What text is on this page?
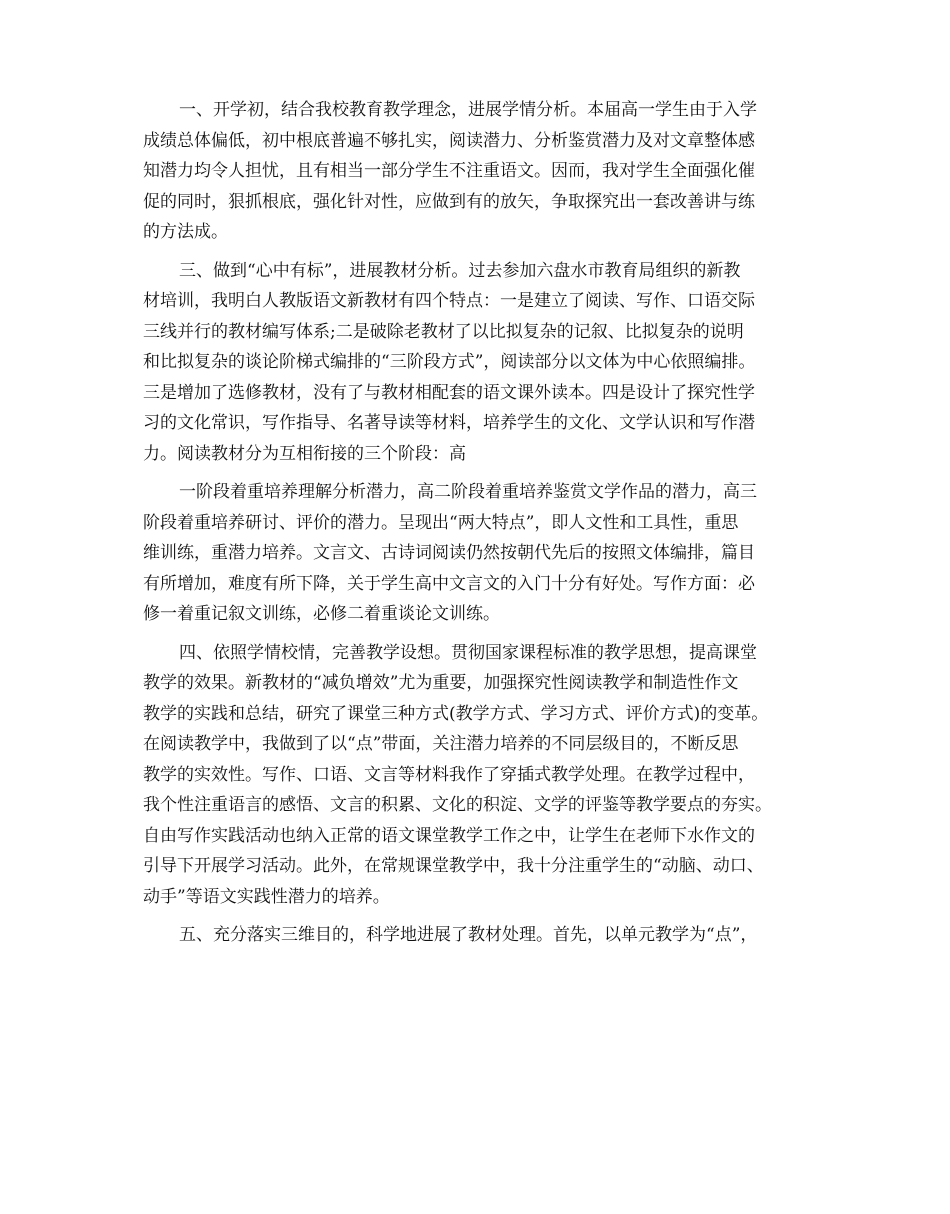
一、开学初，结合我校教育教学理念，进展学情分析。本届高一学生由于入学
成绩总体偏低，初中根底普遍不够扎实，阅读潜力、分析鉴赏潜力及对文章整体感
知潜力均令人担忧，且有相当一部分学生不注重语文。因而，我对学生全面强化催
促的同时，狠抓根底，强化针对性，应做到有的放矢，争取探究出一套改善讲与练
的方法成。
三、做到“心中有标”，进展教材分析。过去参加六盘水市教育局组织的新教
材培训，我明白人教版语文新教材有四个特点：一是建立了阅读、写作、口语交际
三线并行的教材编写体系;二是破除老教材了以比拟复杂的记叙、比拟复杂的说明
和比拟复杂的谈论阶梯式编排的“三阶段方式”，阅读部分以文体为中心依照编排。
三是增加了选修教材，没有了与教材相配套的语文课外读本。四是设计了探究性学
习的文化常识，写作指导、名著导读等材料，培养学生的文化、文学认识和写作潜
力。阅读教材分为互相衔接的三个阶段：高
一阶段着重培养理解分析潜力，高二阶段着重培养鉴赏文学作品的潜力，高三
阶段着重培养研讨、评价的潜力。呈现出“两大特点”，即人文性和工具性，重思
维训练，重潜力培养。文言文、古诗词阅读仍然按朝代先后的按照文体编排，篇目
有所增加，难度有所下降，关于学生高中文言文的入门十分有好处。写作方面：必
修一着重记叙文训练，必修二着重谈论文训练。
四、依照学情校情，完善教学设想。贯彻国家课程标准的教学思想，提高课堂
教学的效果。新教材的“减负增效”尤为重要，加强探究性阅读教学和制造性作文
教学的实践和总结，研究了课堂三种方式(教学方式、学习方式、评价方式)的变革。
在阅读教学中，我做到了以“点”带面，关注潜力培养的不同层级目的，不断反思
教学的实效性。写作、口语、文言等材料我作了穿插式教学处理。在教学过程中，
我个性注重语言的感悟、文言的积累、文化的积淀、文学的评鉴等教学要点的夯实。
自由写作实践活动也纳入正常的语文课堂教学工作之中，让学生在老师下水作文的
引导下开展学习活动。此外，在常规课堂教学中，我十分注重学生的“动脑、动口、
动手”等语文实践性潜力的培养。
五、充分落实三维目的，科学地进展了教材处理。首先，以单元教学为“点”，
